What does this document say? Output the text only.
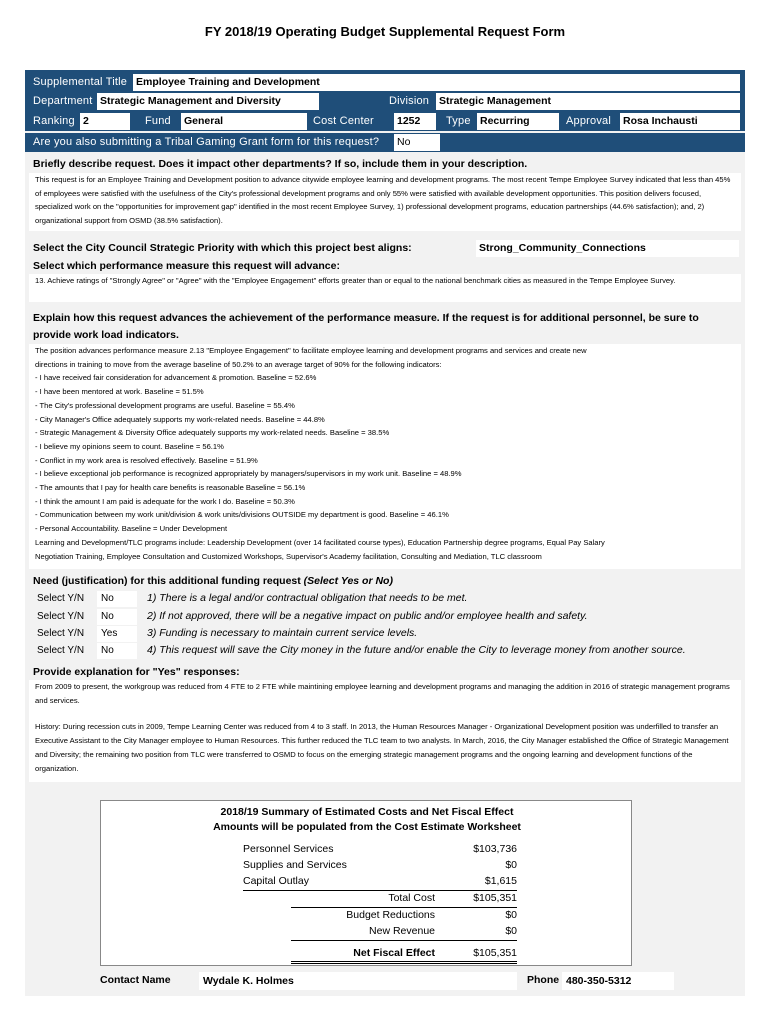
FY 2018/19 Operating Budget Supplemental Request Form
Supplemental Title Employee Training and Development
Department Strategic Management and Diversity	Division Strategic Management
Ranking 2	Fund General	Cost Center 1252	Type Recurring	Approval Rosa Inchausti
Are you also submitting a Tribal Gaming Grant form for this request? No
Briefly describe request. Does it impact other departments? If so, include them in your description.

This request is for an Employee Training and Development position to advance citywide employee learning and development programs. The most recent Tempe Employee Survey indicated that less than 45% of employees were satisfied with the usefulness of the City's professional development programs and only 55% were satisfied with available development opportunities. This position delivers focused, specialized work on the "opportunities for improvement gap" identified in the most recent Employee Survey, 1) professional development programs, education partnerships (44.6% satisfaction); and, 2) organizational support from OSMD (38.5% satisfaction).

Select the City Council Strategic Priority with which this project best aligns:	Strong_Community_Connections
Select which performance measure this request will advance:

13. Achieve ratings of "Strongly Agree" or "Agree" with the "Employee Engagement" efforts greater than or equal to the national benchmark cities as measured in the Tempe Employee Survey.

Explain how this request advances the achievement of the performance measure. If the request is for additional personnel, be sure to
provide work load indicators.
The position advances performance measure 2.13 "Employee Engagement" to facilitate employee learning and development programs and services and create new
directions in training to move from the average baseline of 50.2% to an average target of 90% for the following indicators:
- I have received fair consideration for advancement & promotion. Baseline = 52.6%
- I have been mentored at work. Baseline = 51.5%
- The City's professional development programs are useful. Baseline = 55.4%
- City Manager's Office adequately supports my work-related needs. Baseline = 44.8%
- Strategic Management & Diversity Office adequately supports my work-related needs. Baseline = 38.5%
- I believe my opinions seem to count. Baseline = 56.1%
- Conflict in my work area is resolved effectively. Baseline = 51.9%
- I believe exceptional job performance is recognized appropriately by managers/supervisors in my work unit. Baseline = 48.9%
- The amounts that I pay for health care benefits is reasonable Baseline = 56.1%
- I think the amount I am paid is adequate for the work I do. Baseline = 50.3%
- Communication between my work unit/division & work units/divisions OUTSIDE my department is good. Baseline = 46.1%
- Personal Accountability. Baseline = Under Development
Learning and Development/TLC programs include: Leadership Development (over 14 facilitated course types), Education Partnership degree programs, Equal Pay Salary
Negotiation Training, Employee Consultation and Customized Workshops, Supervisor's Academy facilitation, Consulting and Mediation, TLC classroom
Need (justification) for this additional funding request (Select Yes or No)
Select Y/N	No	1) There is a legal and/or contractual obligation that needs to be met.
Select Y/N	No	2) If not approved, there will be a negative impact on public and/or employee health and safety.
Select Y/N	Yes	3) Funding is necessary to maintain current service levels.
Select Y/N	No	4) This request will save the City money in the future and/or enable the City to leverage money from another source.
Provide explanation for "Yes" responses:

From 2009 to present, the workgroup was reduced from 4 FTE to 2 FTE while maintining employee learning and development programs and managing the addition in 2016 of strategic management programs and services.

History: During recession cuts in 2009, Tempe Learning Center was reduced from 4 to 3 staff. In 2013, the Human Resources Manager - Organizational Development position was underfilled to transfer an Executive Assistant to the City Manager employee to Human Resources. This further reduced the TLC team to two analysts. In March, 2016, the City Manager established the Office of Strategic Management and Diversity; the remaining two position from TLC were transferred to OSMD to focus on the emerging strategic management programs and the ongoing learning and development functions of the organization.

2018/19 Summary of Estimated Costs and Net Fiscal Effect
Amounts will be populated from the Cost Estimate Worksheet
Personnel Services	$103,736
Supplies and Services	$0
Capital Outlay	$1,615
Total Cost	$105,351
Budget Reductions	$0
New Revenue	$0
Net Fiscal Effect	$105,351
Contact Name	Wydale K. Holmes	Phone 480-350-5312
